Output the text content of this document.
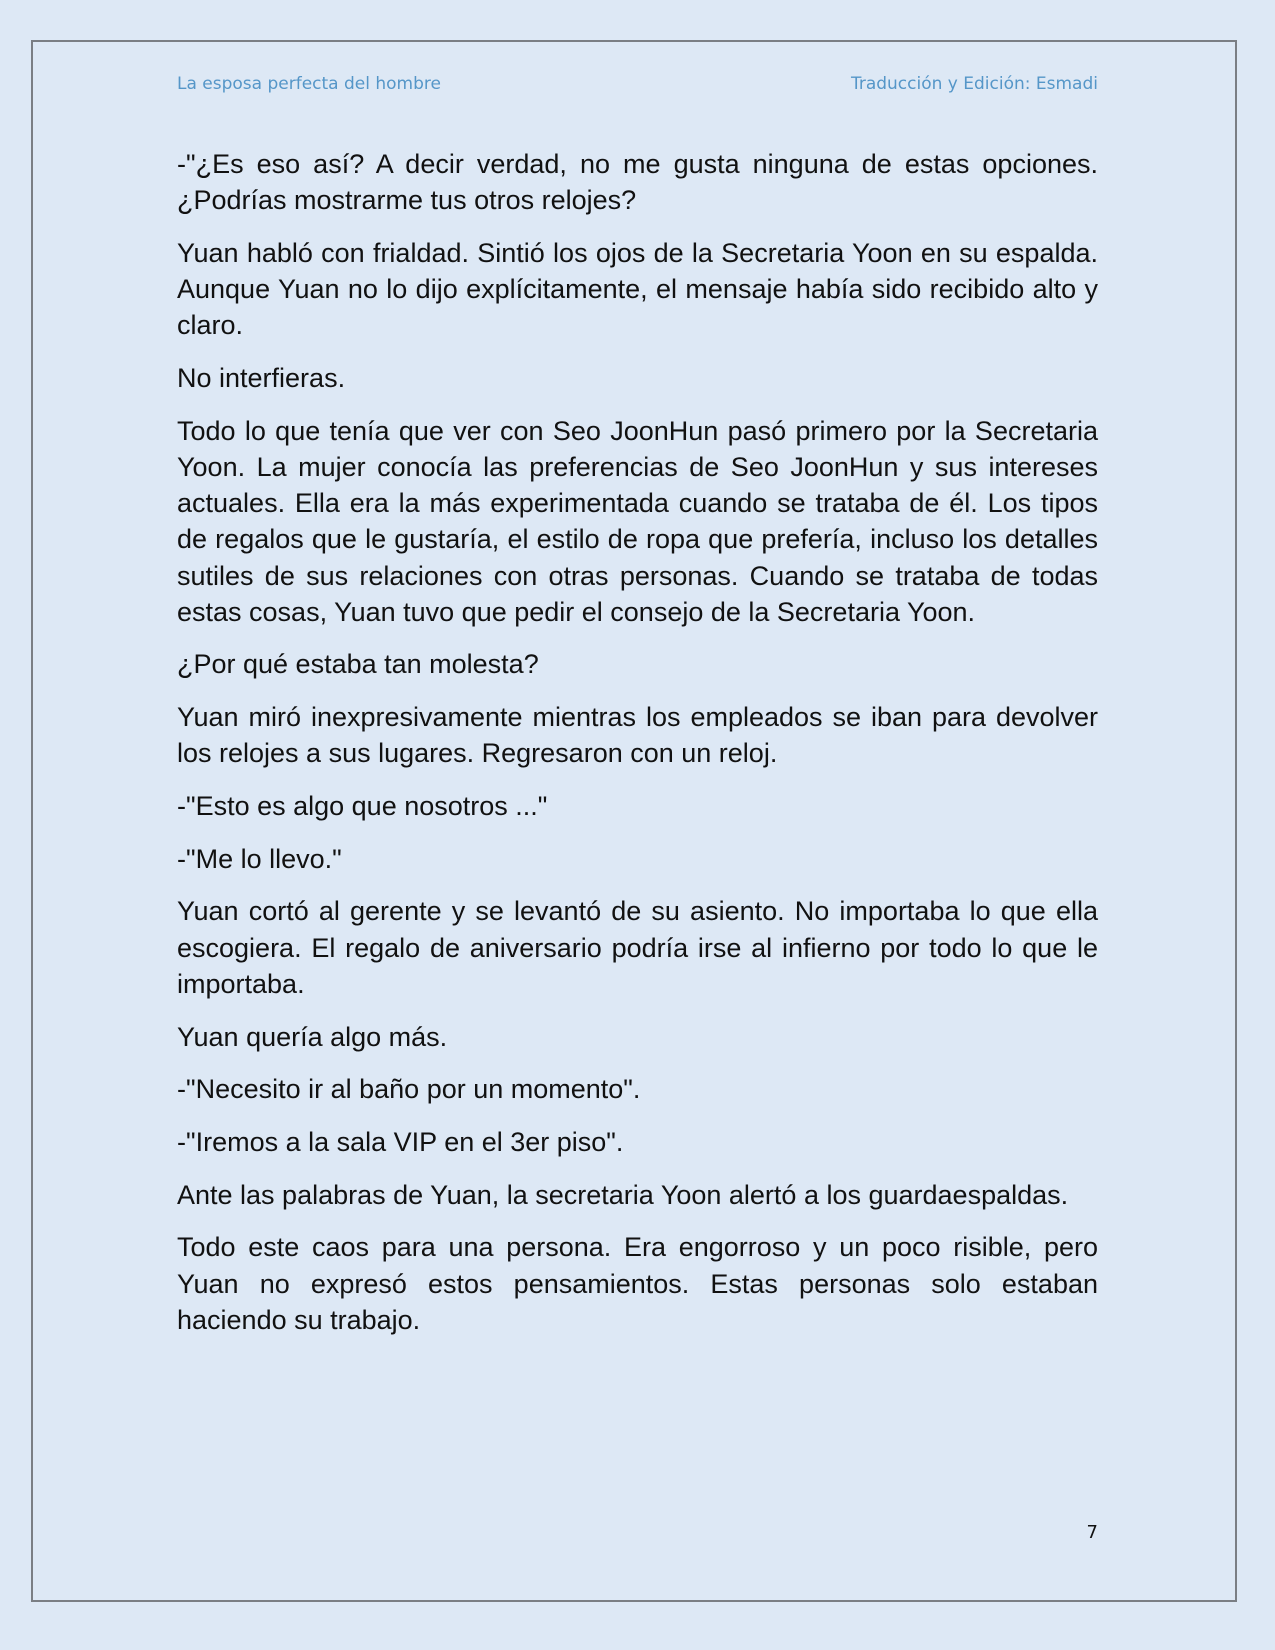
La esposa perfecta del hombre	Traducción y Edición: Esmadi

-"¿Es eso así? A decir verdad, no me gusta ninguna de estas opciones. ¿Podrías mostrarme tus otros relojes?

Yuan habló con frialdad. Sintió los ojos de la Secretaria Yoon en su espalda. Aunque Yuan no lo dijo explícitamente, el mensaje había sido recibido alto y claro.

No interfieras.

Todo lo que tenía que ver con Seo JoonHun pasó primero por la Secretaria Yoon. La mujer conocía las preferencias de Seo JoonHun y sus intereses actuales. Ella era la más experimentada cuando se trataba de él. Los tipos de regalos que le gustaría, el estilo de ropa que prefería, incluso los detalles sutiles de sus relaciones con otras personas. Cuando se trataba de todas estas cosas, Yuan tuvo que pedir el consejo de la Secretaria Yoon.

¿Por qué estaba tan molesta?

Yuan miró inexpresivamente mientras los empleados se iban para devolver los relojes a sus lugares. Regresaron con un reloj.

-"Esto es algo que nosotros ..."

-"Me lo llevo."

Yuan cortó al gerente y se levantó de su asiento. No importaba lo que ella escogiera. El regalo de aniversario podría irse al infierno por todo lo que le importaba.

Yuan quería algo más.

-"Necesito ir al baño por un momento".

-"Iremos a la sala VIP en el 3er piso".

Ante las palabras de Yuan, la secretaria Yoon alertó a los guardaespaldas.

Todo este caos para una persona. Era engorroso y un poco risible, pero Yuan no expresó estos pensamientos. Estas personas solo estaban haciendo su trabajo.

7
